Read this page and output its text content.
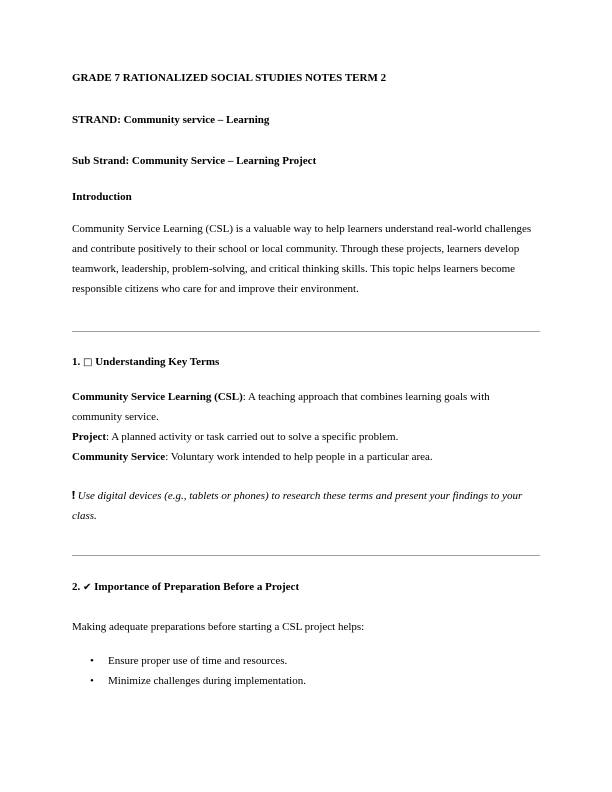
GRADE 7 RATIONALIZED SOCIAL STUDIES NOTES TERM 2
STRAND: Community service – Learning
Sub Strand: Community Service – Learning Project
Introduction
Community Service Learning (CSL) is a valuable way to help learners understand real-world challenges and contribute positively to their school or local community. Through these projects, learners develop teamwork, leadership, problem-solving, and critical thinking skills. This topic helps learners become responsible citizens who care for and improve their environment.
1. □ Understanding Key Terms
Community Service Learning (CSL): A teaching approach that combines learning goals with community service.
Project: A planned activity or task carried out to solve a specific problem.
Community Service: Voluntary work intended to help people in a particular area.
❗︎ Use digital devices (e.g., tablets or phones) to research these terms and present your findings to your class.
2. ✔ Importance of Preparation Before a Project
Making adequate preparations before starting a CSL project helps:
• Ensure proper use of time and resources.
• Minimize challenges during implementation.
